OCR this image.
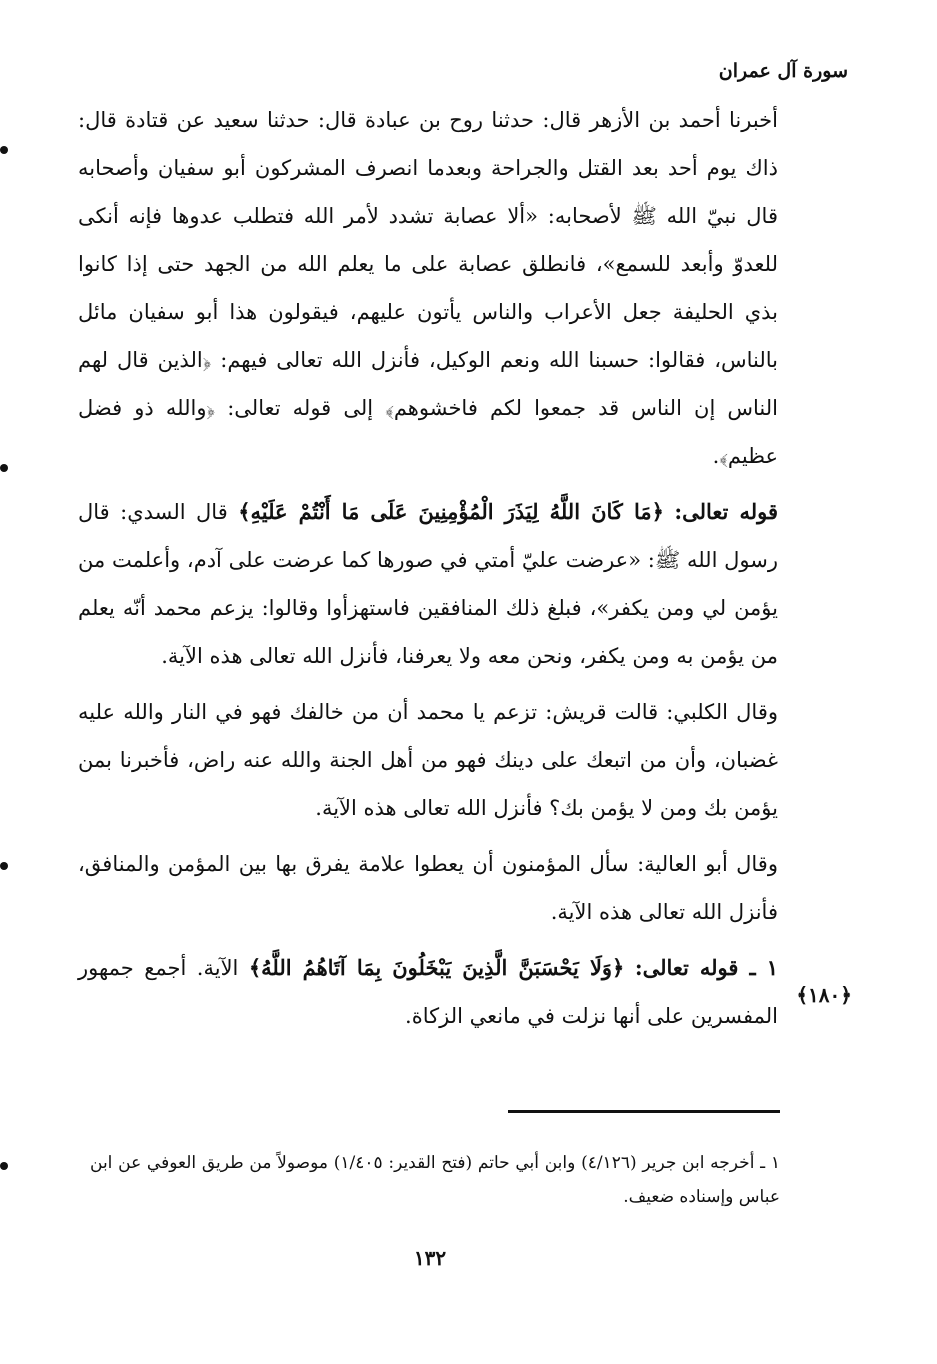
سورة آل عمران

أخبرنا أحمد بن الأزهر قال: حدثنا روح بن عبادة قال: حدثنا سعيد عن قتادة قال: ذاك يوم أحد بعد القتل والجراحة وبعدما انصرف المشركون أبو سفيان وأصحابه قال نبيّ الله ﷺ لأصحابه: «ألا عصابة تشدد لأمر الله فتطلب عدوها فإنه أنكى للعدوّ وأبعد للسمع»، فانطلق عصابة على ما يعلم الله من الجهد حتى إذا كانوا بذي الحليفة جعل الأعراب والناس يأتون عليهم، فيقولون هذا أبو سفيان مائل بالناس، فقالوا: حسبنا الله ونعم الوكيل، فأنزل الله تعالى فيهم: ﴿الذين قال لهم الناس إن الناس قد جمعوا لكم فاخشوهم﴾ إلى قوله تعالى: ﴿والله ذو فضل عظيم﴾.

قوله تعالى: ﴿مَا كَانَ اللَّهُ لِيَذَرَ الْمُؤْمِنِينَ عَلَى مَا أَنْتُمْ عَلَيْهِ﴾ قال السدي: قال رسول الله ﷺ: «عرضت عليّ أمتي في صورها كما عرضت على آدم، وأعلمت من يؤمن لي ومن يكفر»، فبلغ ذلك المنافقين فاستهزأوا وقالوا: يزعم محمد أنّه يعلم من يؤمن به ومن يكفر، ونحن معه ولا يعرفنا، فأنزل الله تعالى هذه الآية.

وقال الكلبي: قالت قريش: تزعم يا محمد أن من خالفك فهو في النار والله عليه غضبان، وأن من اتبعك على دينك فهو من أهل الجنة والله عنه راض، فأخبرنا بمن يؤمن بك ومن لا يؤمن بك؟ فأنزل الله تعالى هذه الآية.

وقال أبو العالية: سأل المؤمنون أن يعطوا علامة يفرق بها بين المؤمن والمنافق، فأنزل الله تعالى هذه الآية.

١ ـ قوله تعالى: ﴿وَلَا يَحْسَبَنَّ الَّذِينَ يَبْخَلُونَ بِمَا آتَاهُمُ اللَّهُ﴾ الآية. أجمع جمهور المفسرين على أنها نزلت في مانعي الزكاة.

﴿١٨٠﴾
١ ـ أخرجه ابن جرير (٤/١٢٦) وابن أبي حاتم (فتح القدير: ١/٤٠٥) موصولاً من طريق العوفي عن ابن عباس وإسناده ضعيف.
١٣٢
